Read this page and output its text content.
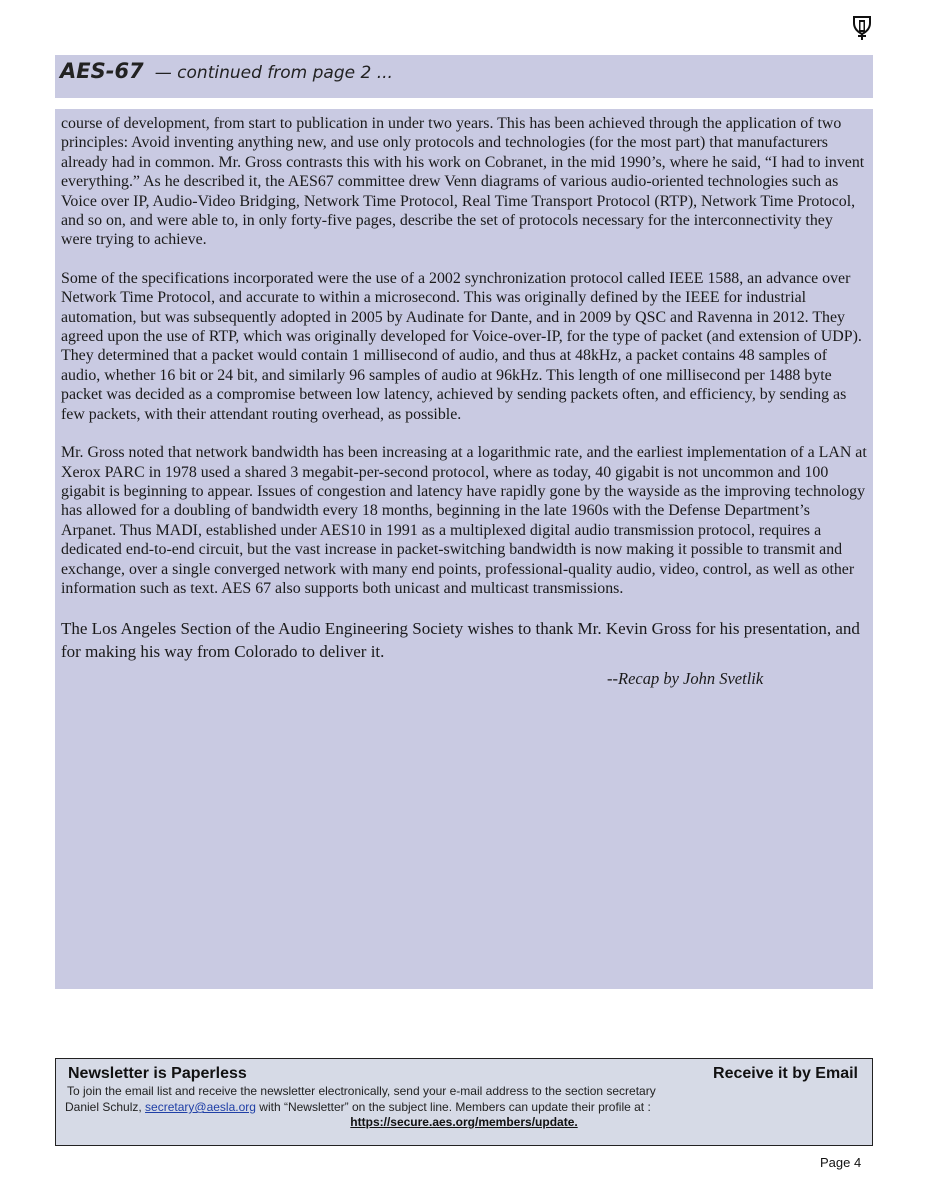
AES-67 — continued from page 2 ...

course of development, from start to publication in under two years. This has been achieved through the application of two principles: Avoid inventing anything new, and use only protocols and technologies (for the most part) that manufacturers already had in common. Mr. Gross contrasts this with his work on Cobranet, in the mid 1990’s, where he said, “I had to invent everything.” As he described it, the AES67 committee drew Venn diagrams of various audio-oriented technologies such as Voice over IP, Audio-Video Bridging, Network Time Protocol, Real Time Transport Protocol (RTP), Network Time Protocol, and so on, and were able to, in only forty-five pages, describe the set of protocols necessary for the interconnectivity they were trying to achieve.

Some of the specifications incorporated were the use of a 2002 synchronization protocol called IEEE 1588, an advance over Network Time Protocol, and accurate to within a microsecond. This was originally defined by the IEEE for industrial automation, but was subsequently adopted in 2005 by Audinate for Dante, and in 2009 by QSC and Ravenna in 2012. They agreed upon the use of RTP, which was originally developed for Voice-over-IP, for the type of packet (and extension of UDP). They determined that a packet would contain 1 millisecond of audio, and thus at 48kHz, a packet contains 48 samples of audio, whether 16 bit or 24 bit, and similarly 96 samples of audio at 96kHz. This length of one millisecond per 1488 byte packet was decided as a compromise between low latency, achieved by sending packets often, and efficiency, by sending as few packets, with their attendant routing overhead, as possible.

Mr. Gross noted that network bandwidth has been increasing at a logarithmic rate, and the earliest implementation of a LAN at Xerox PARC in 1978 used a shared 3 megabit-per-second protocol, where as today, 40 gigabit is not uncommon and 100 gigabit is beginning to appear. Issues of congestion and latency have rapidly gone by the wayside as the improving technology has allowed for a doubling of bandwidth every 18 months, beginning in the late 1960s with the Defense Department’s Arpanet. Thus MADI, established under AES10 in 1991 as a multiplexed digital audio transmission protocol, requires a dedicated end-to-end circuit, but the vast increase in packet-switching bandwidth is now making it possible to transmit and exchange, over a single converged network with many end points, professional-quality audio, video, control, as well as other information such as text. AES 67 also supports both unicast and multicast transmissions.

The Los Angeles Section of the Audio Engineering Society wishes to thank Mr. Kevin Gross for his presentation, and for making his way from Colorado to deliver it.

--Recap by John Svetlik
Newsletter is Paperless	Receive it by Email
To join the email list and receive the newsletter electronically, send your e-mail address to the section secretary
Daniel Schulz, secretary@aesla.org with “Newsletter” on the subject line. Members can update their profile at :
https://secure.aes.org/members/update.
Page 4
